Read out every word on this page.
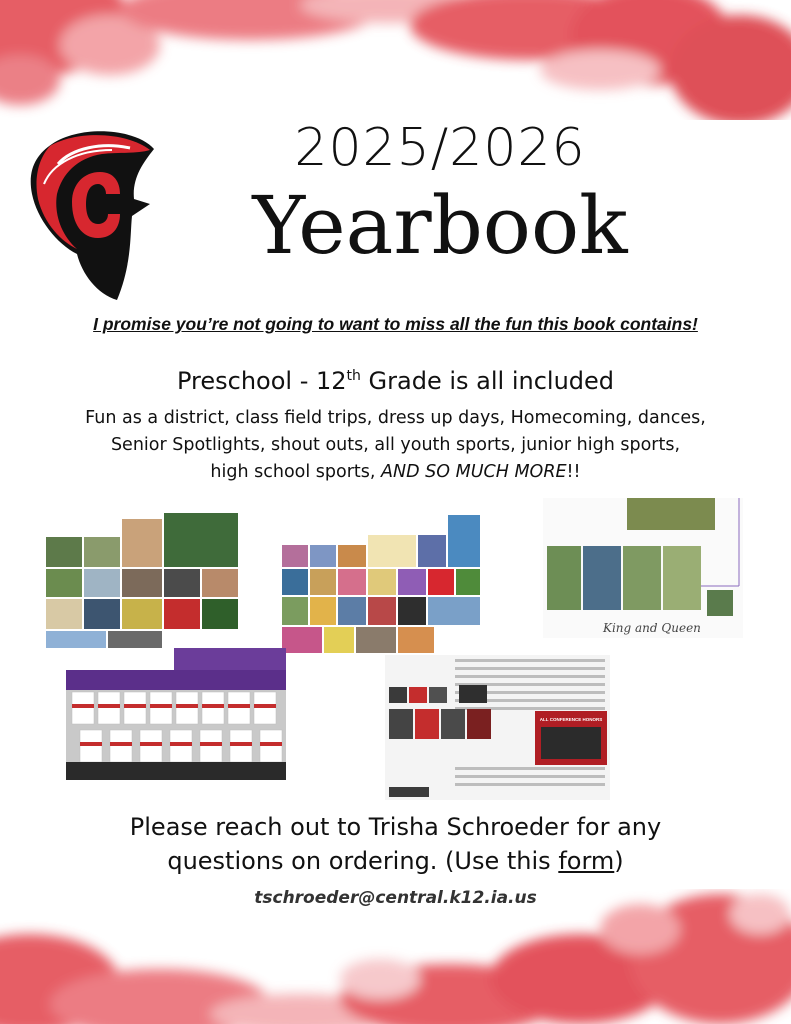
2025/2026
Yearbook
I promise you’re not going to want to miss all the fun this book contains!
Preschool - 12th Grade is all included
Fun as a district, class field trips, dress up days, Homecoming, dances,
Senior Spotlights, shout outs, all youth sports, junior high sports,
high school sports, AND SO MUCH MORE!!
King and Queen
ALL CONFERENCE HONORS
Please reach out to Trisha Schroeder for any
questions on ordering. (Use this form)
tschroeder@central.k12.ia.us
